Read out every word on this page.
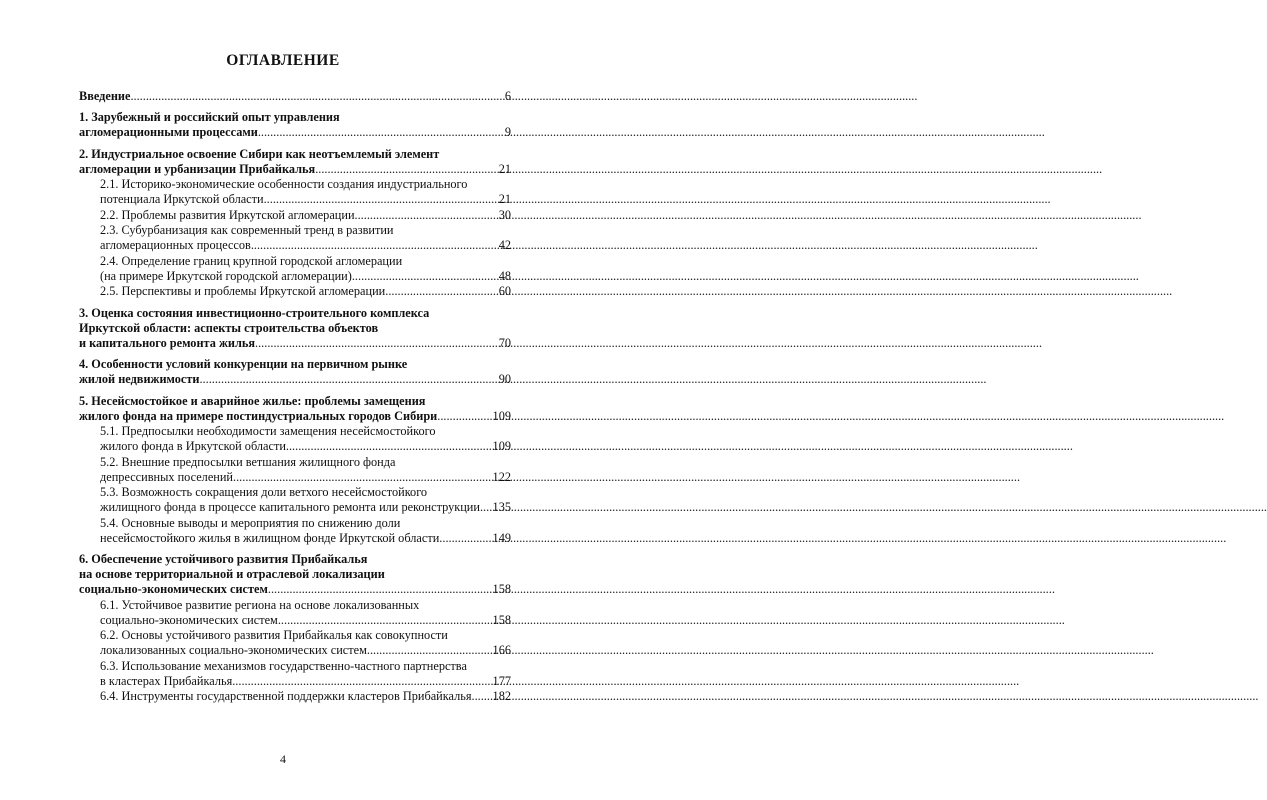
ОГЛАВЛЕНИЕ
Введение .....	6
1. Зарубежный и российский опыт управления
агломерационными процессами .....	9
2. Индустриальное освоение Сибири как неотъемлемый элемент
агломерации и урбанизации Прибайкалья .....	21
2.1. Историко-экономические особенности создания индустриального
потенциала Иркутской области .....	21
2.2. Проблемы развития Иркутской агломерации .....	30
2.3. Субурбанизация как современный тренд в развитии
агломерационных процессов .....	42
2.4. Определение границ крупной городской агломерации
(на примере Иркутской городской агломерации) .....	48
2.5. Перспективы и проблемы Иркутской агломерации .....	60
3. Оценка состояния инвестиционно-строительного комплекса
Иркутской области: аспекты строительства объектов
и капитального ремонта жилья .....	70
4. Особенности условий конкуренции на первичном рынке
жилой недвижимости .....	90
5. Несейсмостойкое и аварийное жилье: проблемы замещения
жилого фонда на примере постиндустриальных городов Сибири .....	109
5.1. Предпосылки необходимости замещения несейсмостойкого
жилого фонда в Иркутской области .....	109
5.2. Внешние предпосылки ветшания жилищного фонда
депрессивных поселений .....	122
5.3. Возможность сокращения доли ветхого несейсмостойкого
жилищного фонда в процессе капитального ремонта или реконструкции ..... 135
5.4. Основные выводы и мероприятия по снижению доли
несейсмостойкого жилья в жилищном фонде Иркутской области .....	149
6. Обеспечение устойчивого развития Прибайкалья
на основе территориальной и отраслевой локализации
социально-экономических систем .....	158
6.1. Устойчивое развитие региона на основе локализованных
социально-экономических систем .....	158
6.2. Основы устойчивого развития Прибайкалья как совокупности
локализованных социально-экономических систем .....	166
6.3. Использование механизмов государственно-частного партнерства
в кластерах Прибайкалья .....	177
6.4. Инструменты государственной поддержки кластеров Прибайкалья ..... 182
4
